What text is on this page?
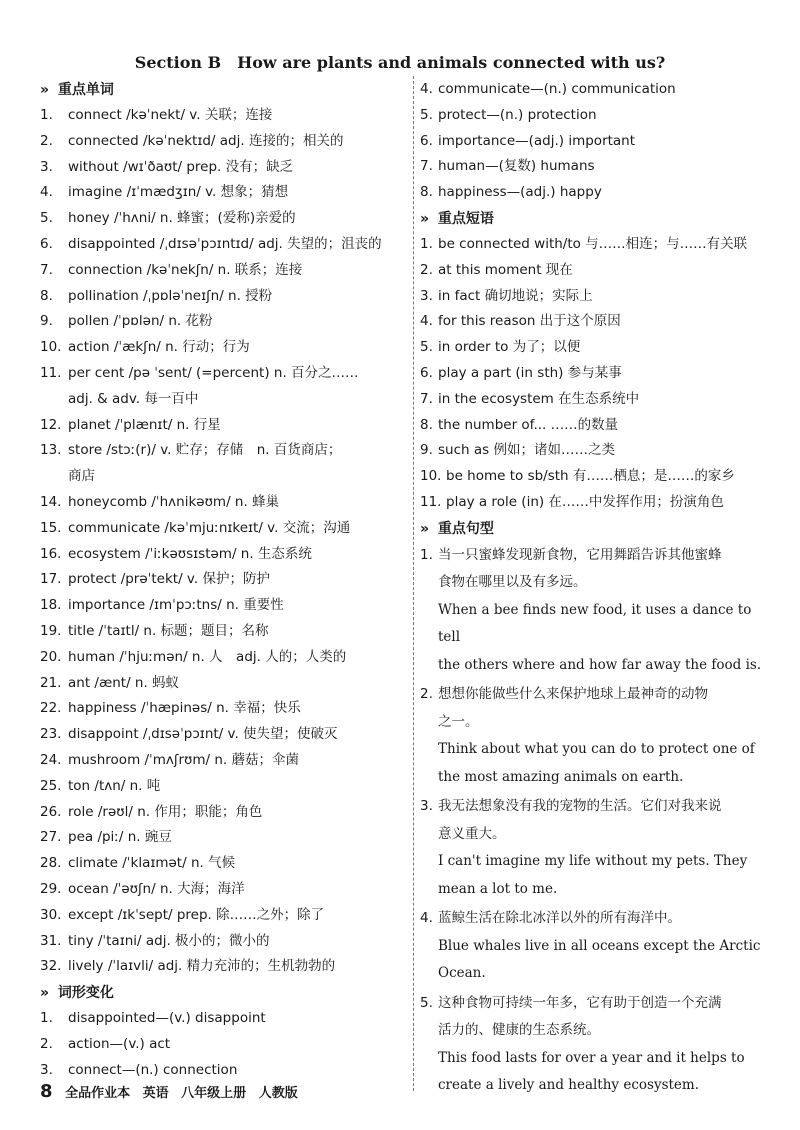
Section B　How are plants and animals connected with us?
» 重点单词
1.	connect /kəˈnekt/ v. 关联；连接
2.	connected /kəˈnektɪd/ adj. 连接的；相关的
3.	without /wɪˈðaʊt/ prep. 没有；缺乏
4.	imagine /ɪˈmædʒɪn/ v. 想象；猜想
5.	honey /ˈhʌni/ n. 蜂蜜；(爱称)亲爱的
6.	disappointed /ˌdɪsəˈpɔɪntɪd/ adj. 失望的；沮丧的
7.	connection /kəˈnekʃn/ n. 联系；连接
8.	pollination /ˌpɒləˈneɪʃn/ n. 授粉
9.	pollen /ˈpɒlən/ n. 花粉
10. action /ˈækʃn/ n. 行动；行为
11. per cent /pə ˈsent/ (=percent) n. 百分之……
adj. & adv. 每一百中
12. planet /ˈplænɪt/ n. 行星
13. store /stɔː(r)/ v. 贮存；存储　n. 百货商店；
商店
14. honeycomb /ˈhʌnikəʊm/ n. 蜂巢
15. communicate /kəˈmjuːnɪkeɪt/ v. 交流；沟通
16. ecosystem /ˈiːkəʊsɪstəm/ n. 生态系统
17. protect /prəˈtekt/ v. 保护；防护
18. importance /ɪmˈpɔːtns/ n. 重要性
19. title /ˈtaɪtl/ n. 标题；题目；名称
20. human /ˈhjuːmən/ n. 人　adj. 人的；人类的
21. ant /ænt/ n. 蚂蚁
22. happiness /ˈhæpinəs/ n. 幸福；快乐
23. disappoint /ˌdɪsəˈpɔɪnt/ v. 使失望；使破灭
24. mushroom /ˈmʌʃrʊm/ n. 蘑菇；伞菌
25. ton /tʌn/ n. 吨
26. role /rəʊl/ n. 作用；职能；角色
27. pea /piː/ n. 豌豆
28. climate /ˈklaɪmət/ n. 气候
29. ocean /ˈəʊʃn/ n. 大海；海洋
30. except /ɪkˈsept/ prep. 除……之外；除了
31. tiny /ˈtaɪni/ adj. 极小的；微小的
32. lively /ˈlaɪvli/ adj. 精力充沛的；生机勃勃的
» 词形变化
1.	disappointed—(v.) disappoint
2.	action—(v.) act
3.	connect—(n.) connection
4. communicate—(n.) communication
5. protect—(n.) protection
6. importance—(adj.) important
7. human—(复数) humans
8. happiness—(adj.) happy
» 重点短语
1. be connected with/to 与……相连；与……有关联
2. at this moment 现在
3. in fact 确切地说；实际上
4. for this reason 出于这个原因
5. in order to 为了；以便
6. play a part (in sth) 参与某事
7. in the ecosystem 在生态系统中
8. the number of... ……的数量
9. such as 例如；诸如……之类
10. be home to sb/sth 有……栖息；是……的家乡
11. play a role (in) 在……中发挥作用；扮演角色
» 重点句型
1. 当一只蜜蜂发现新食物，它用舞蹈告诉其他蜜蜂
食物在哪里以及有多远。
When a bee finds new food, it uses a dance to tell
the others where and how far away the food is.
2. 想想你能做些什么来保护地球上最神奇的动物
之一。
Think about what you can do to protect one of
the most amazing animals on earth.
3. 我无法想象没有我的宠物的生活。它们对我来说
意义重大。
I can't imagine my life without my pets. They
mean a lot to me.
4. 蓝鲸生活在除北冰洋以外的所有海洋中。
Blue whales live in all oceans except the Arctic
Ocean.
5. 这种食物可持续一年多，它有助于创造一个充满
活力的、健康的生态系统。
This food lasts for over a year and it helps to
create a lively and healthy ecosystem.
8 全品作业本 英语 八年级上册 人教版
